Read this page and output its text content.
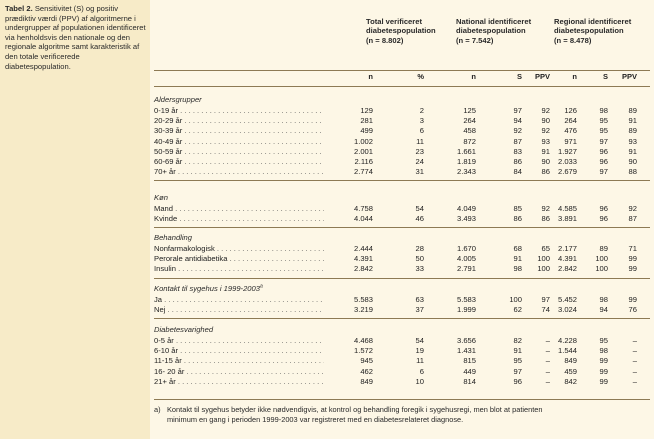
Tabel 2. Sensitivitet (S) og positiv prædiktiv værdi (PPV) af algoritmerne i undergrupper af populationen identificeret via henholdsvis den nationale og den regionale algoritme samt karakteristik af den totale verificerede diabetespopulation.
Total verificeret diabetespopulation
(n = 8.802)
National identificeret diabetespopulation
(n = 7.542)
Regional identificeret diabetespopulation
(n = 8.478)
n	%	n	S	PPV	n	S	PPV
Aldersgrupper
0-19 år . . .	129	2	125	97	92	126	98	89
20-29 år . . .	281	3	264	94	90	264	95	91
30-39 år . . .	499	6	458	92	92	476	95	89
40-49 år . . .	1.002	11	872	87	93	971	97	93
50-59 år . . .	2.001	23	1.661	83	91	1.927	96	91
60-69 år . . .	2.116	24	1.819	86	90	2.033	96	90
70+ år . . .	2.774	31	2.343	84	86	2.679	97	88
Køn
Mand . . .	4.758	54	4.049	85	92	4.585	96	92
Kvinde . . .	4.044	46	3.493	86	86	3.891	96	87
Behandling
Nonfarmakologisk . . .	2.444	28	1.670	68	65	2.177	89	71
Perorale antidiabetika . . .	4.391	50	4.005	91	100	4.391	100	99
Insulin . . .	2.842	33	2.791	98	100	2.842	100	99
Kontakt til sygehus i 1999-2003$^a$
Ja . . .	5.583	63	5.583	100	97	5.452	98	99
Nej . . .	3.219	37	1.999	62	74	3.024	94	76
Diabetesvarighed
0-5 år . . .	4.468	54	3.656	82	–	4.228	95	–
6-10 år . . .	1.572	19	1.431	91	–	1.544	98	–
11-15 år . . .	945	11	815	95	–	849	99	–
16- 20 år . . .	462	6	449	97	–	459	99	–
21+ år . . .	849	10	814	96	–	842	99	–
a) Kontakt til sygehus betyder ikke nødvendigvis, at kontrol og behandling foregik i sygehusregi, men blot at patienten
minimum en gang i perioden 1999-2003 var registreret med en diabetesrelateret diagnose.
